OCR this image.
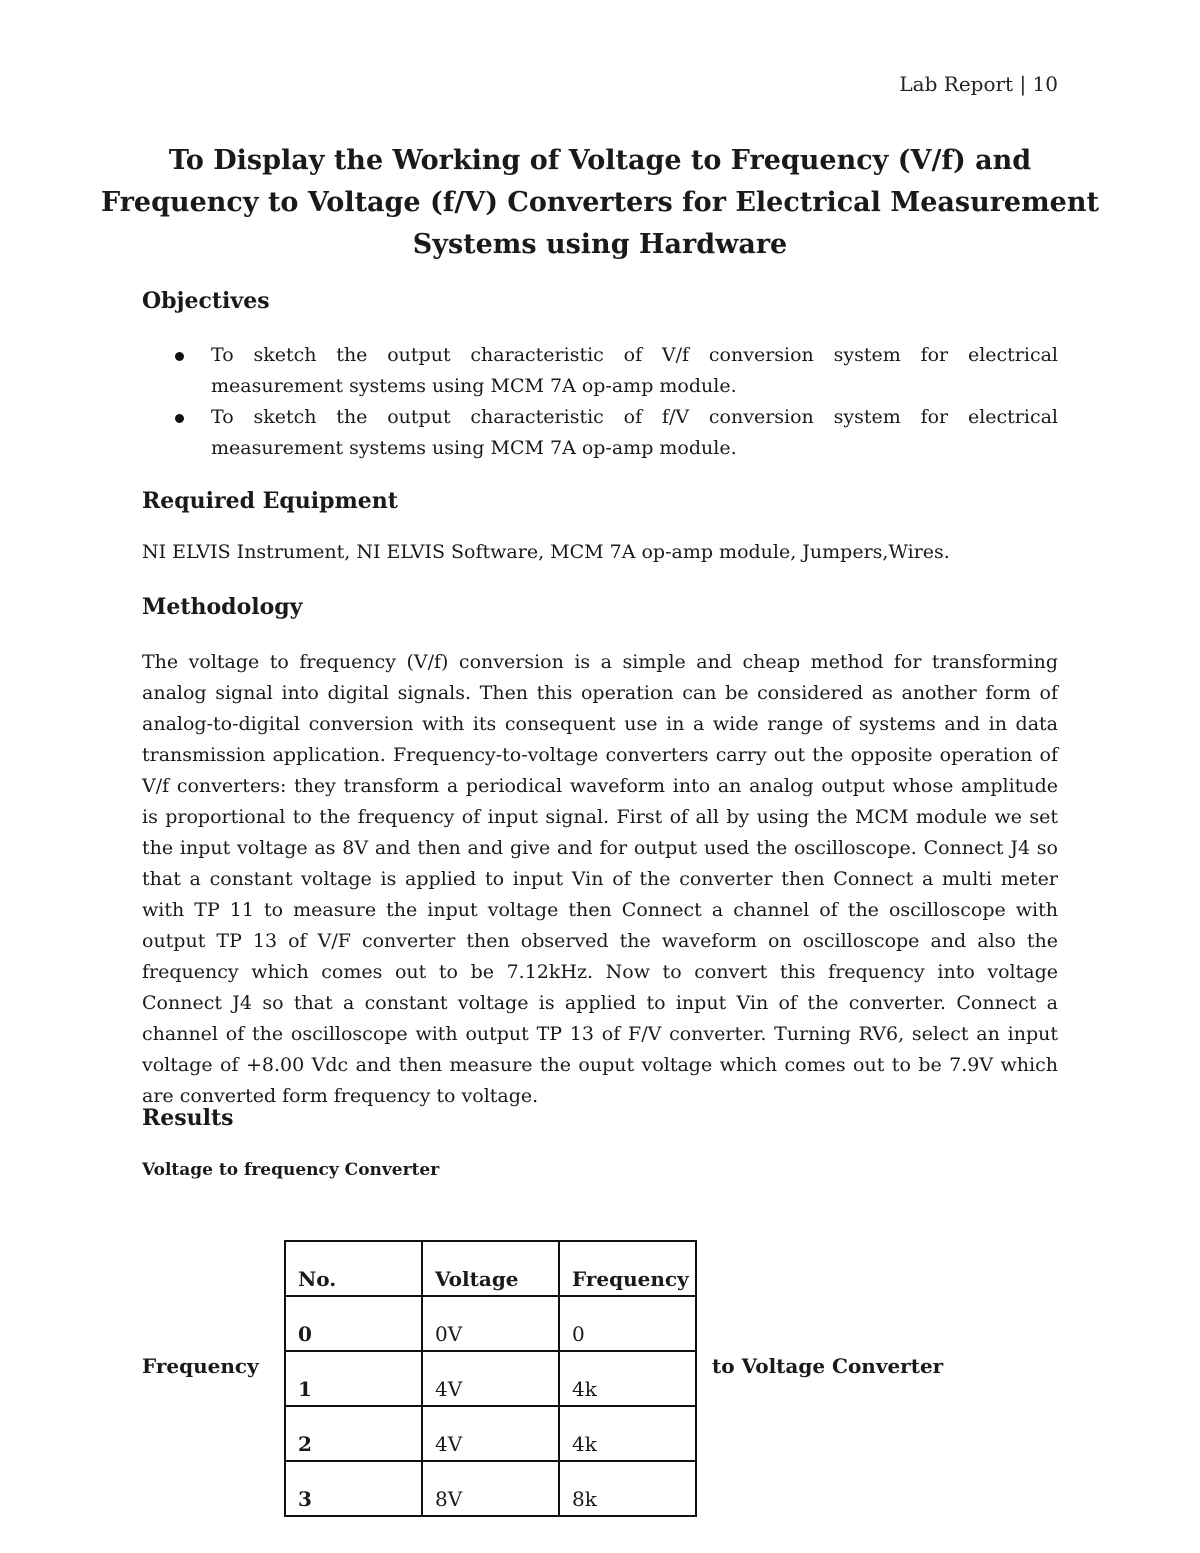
Lab Report | 10
To Display the Working of Voltage to Frequency (V/f) and
Frequency to Voltage (f/V) Converters for Electrical Measurement
Systems using Hardware
Objectives
To sketch the output characteristic of V/f conversion system for electrical measurement systems using MCM 7A op-amp module.
To sketch the output characteristic of f/V conversion system for electrical measurement systems using MCM 7A op-amp module.
Required Equipment
NI ELVIS Instrument, NI ELVIS Software, MCM 7A op-amp module, Jumpers,Wires.
Methodology

The voltage to frequency (V/f) conversion is a simple and cheap method for transforming analog signal into digital signals. Then this operation can be considered as another form of analog-to-digital conversion with its consequent use in a wide range of systems and in data transmission application. Frequency-to-voltage converters carry out the opposite operation of V/f converters: they transform a periodical waveform into an analog output whose amplitude is proportional to the frequency of input signal. First of all by using the MCM module we set the input voltage as 8V and then and give and for output used the oscilloscope. Connect J4 so that a constant voltage is applied to input Vin of the converter then Connect a multi meter with TP 11 to measure the input voltage then Connect a channel of the oscilloscope with output TP 13 of V/F converter then observed the waveform on oscilloscope and also the frequency which comes out to be 7.12kHz. Now to convert this frequency into voltage Connect J4 so that a constant voltage is applied to input Vin of the converter. Connect a channel of the oscilloscope with output TP 13 of F/V converter. Turning RV6, select an input voltage of +8.00 Vdc and then measure the ouput voltage which comes out to be 7.9V which are converted form frequency to voltage.

Results
Voltage to frequency Converter
Frequency	to Voltage Converter
No.	Voltage	Frequency
0	0V	0
1	4V	4k
2	4V	4k
3	8V	8k
